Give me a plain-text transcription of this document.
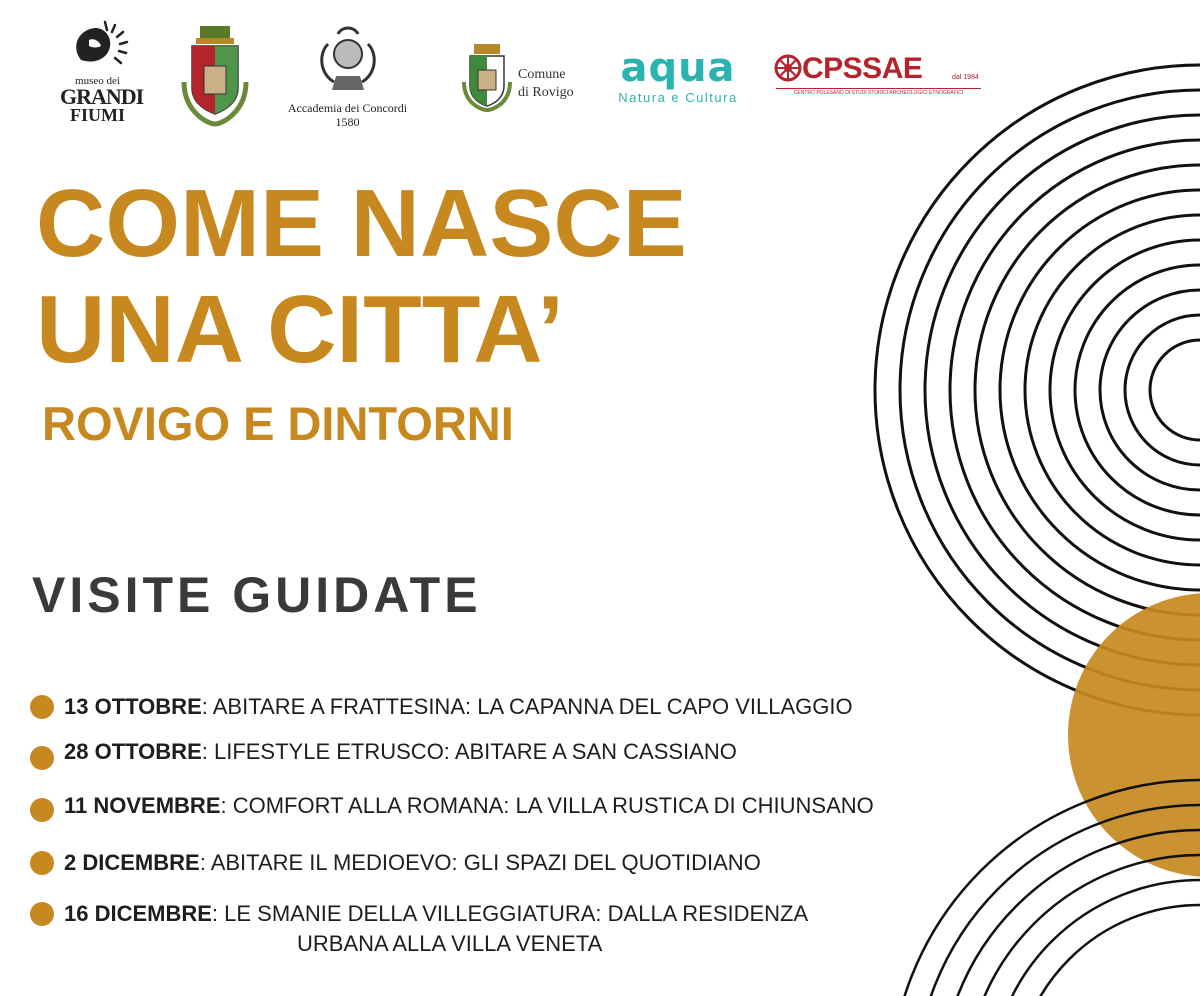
museo dei
GRANDI
FIUMI	Accademia dei Concordi
1580
Comune
di Rovigo
aqua
Natura e Cultura
CPSSAE	dal 1984
CENTRO POLESANO DI STUDI STORICI ARCHEOLOGICI ETNOGRAFICI
COME NASCE
UNA CITTA’
ROVIGO E DINTORNI
VISITE GUIDATE
13 OTTOBRE: ABITARE A FRATTESINA: LA CAPANNA DEL CAPO VILLAGGIO
28 OTTOBRE: LIFESTYLE ETRUSCO: ABITARE A SAN CASSIANO
11 NOVEMBRE: COMFORT ALLA ROMANA: LA VILLA RUSTICA DI CHIUNSANO
2 DICEMBRE: ABITARE IL MEDIOEVO: GLI SPAZI DEL QUOTIDIANO
16 DICEMBRE: LE SMANIE DELLA VILLEGGIATURA: DALLA RESIDENZA
URBANA ALLA VILLA VENETA
